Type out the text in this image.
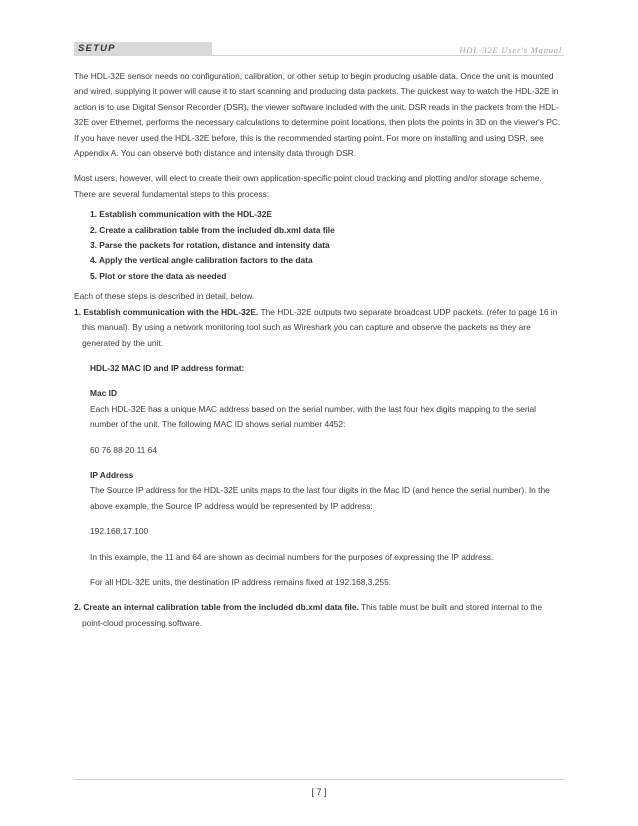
SETUP	HDL-32E User's Manual

The HDL-32E sensor needs no configuration, calibration, or other setup to begin producing usable data. Once the unit is mounted and wired, supplying it power will cause it to start scanning and producing data packets. The quickest way to watch the HDL-32E in action is to use Digital Sensor Recorder (DSR), the viewer software included with the unit. DSR reads in the packets from the HDL-32E over Ethernet, performs the necessary calculations to determine point locations, then plots the points in 3D on the viewer's PC. If you have never used the HDL-32E before, this is the recommended starting point. For more on installing and using DSR, see Appendix A. You can observe both distance and intensity data through DSR.

Most users, however, will elect to create their own application-specific point cloud tracking and plotting and/or storage scheme. There are several fundamental steps to this process:

1. Establish communication with the HDL-32E

2. Create a calibration table from the included db.xml data file

3. Parse the packets for rotation, distance and intensity data

4. Apply the vertical angle calibration factors to the data

5. Plot or store the data as needed

Each of these steps is described in detail, below.

1. Establish communication with the HDL-32E. The HDL-32E outputs two separate broadcast UDP packets. (refer to page 16 in this manual). By using a network monitoring tool such as Wireshark you can capture and observe the packets as they are generated by the unit.

HDL-32 MAC ID and IP address format:

Mac ID

Each HDL-32E has a unique MAC address based on the serial number, with the last four hex digits mapping to the serial number of the unit. The following MAC ID shows serial number 4452:

60 76 88 20 11 64

IP Address

The Source IP address for the HDL-32E units maps to the last four digits in the Mac ID (and hence the serial number). In the above example, the Source IP address would be represented by IP address:

192.168.17.100

In this example, the 11 and 64 are shown as decimal numbers for the purposes of expressing the IP address.

For all HDL-32E units, the destination IP address remains fixed at 192.168.3.255.

2. Create an internal calibration table from the included db.xml data file. This table must be built and stored internal to the point-cloud processing software.
[ 7 ]
